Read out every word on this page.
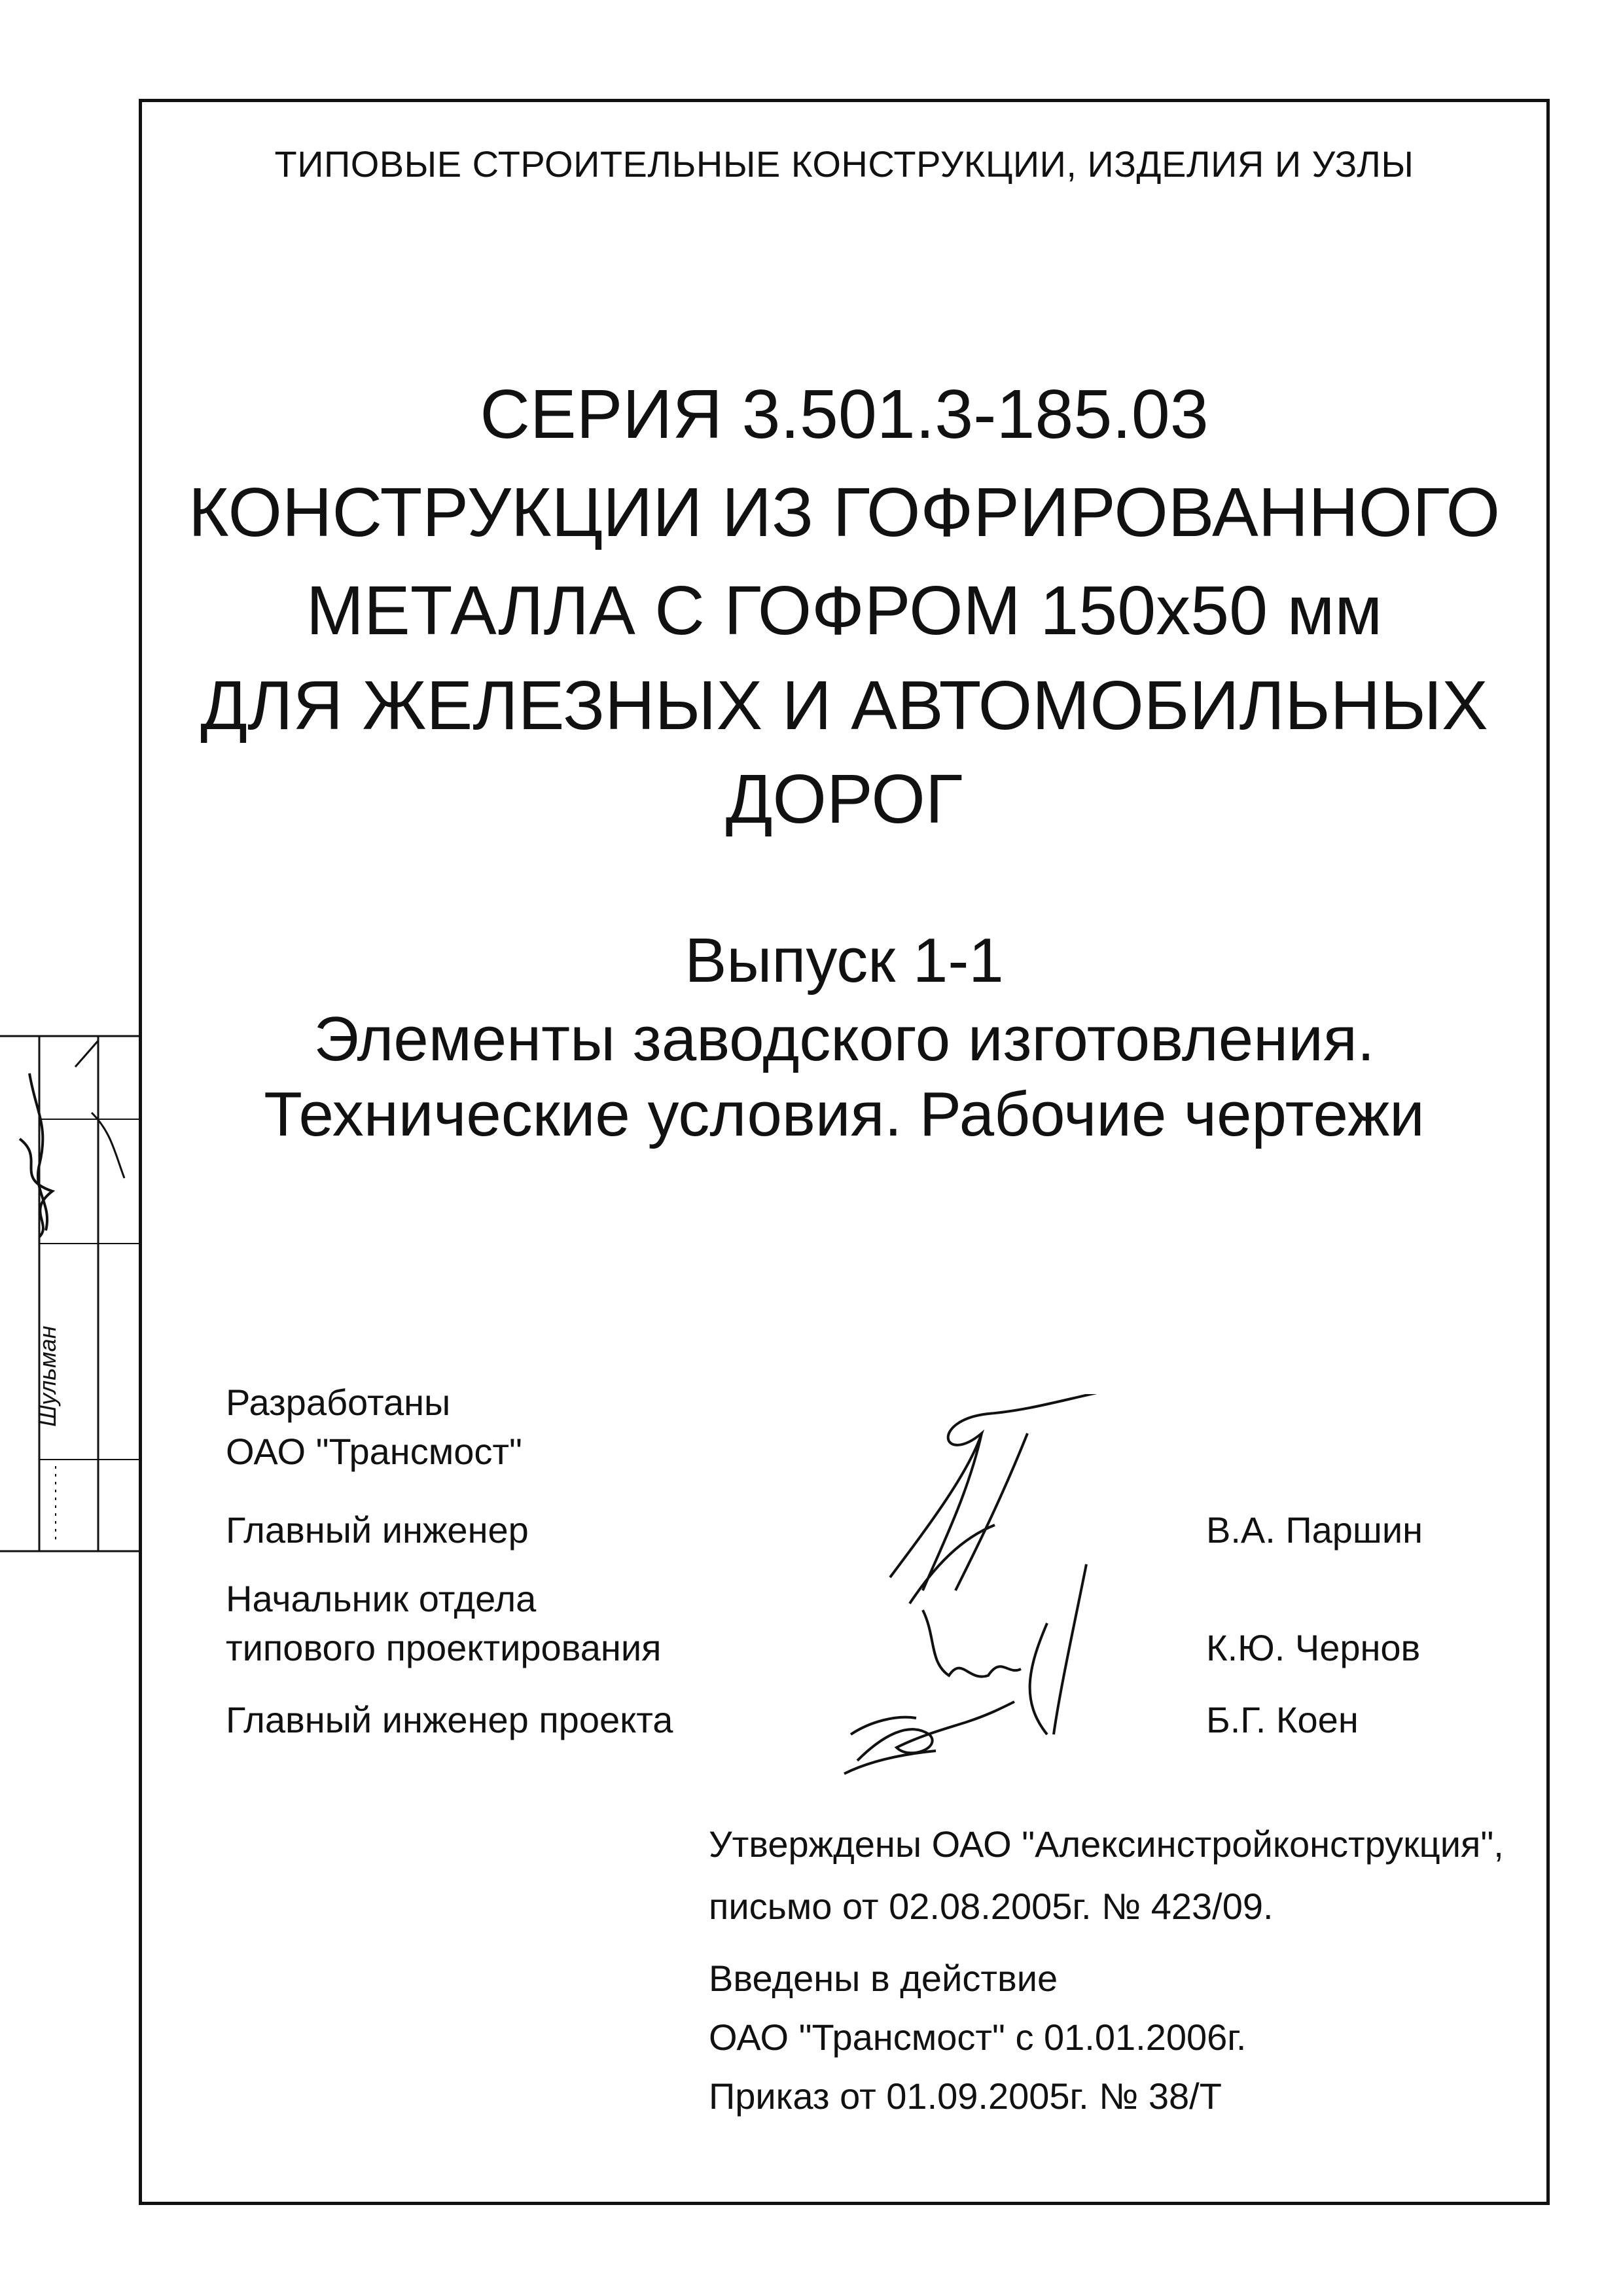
Шульман
ТИПОВЫЕ СТРОИТЕЛЬНЫЕ КОНСТРУКЦИИ, ИЗДЕЛИЯ И УЗЛЫ
СЕРИЯ 3.501.3-185.03
КОНСТРУКЦИИ ИЗ ГОФРИРОВАННОГО
МЕТАЛЛА С ГОФРОМ 150х50 мм
ДЛЯ ЖЕЛЕЗНЫХ И АВТОМОБИЛЬНЫХ
ДОРОГ
Выпуск 1-1
Элементы заводского изготовления.
Технические условия. Рабочие чертежи
Разработаны
ОАО "Трансмост"
Главный инженер	В.А. Паршин
Начальник отдела
типового проектирования	К.Ю. Чернов
Главный инженер проекта	Б.Г. Коен
Утверждены ОАО "Алексинстройконструкция",
письмо от 02.08.2005г. № 423/09.
Введены в действие
ОАО "Трансмост" с 01.01.2006г.
Приказ от 01.09.2005г. № 38/Т
